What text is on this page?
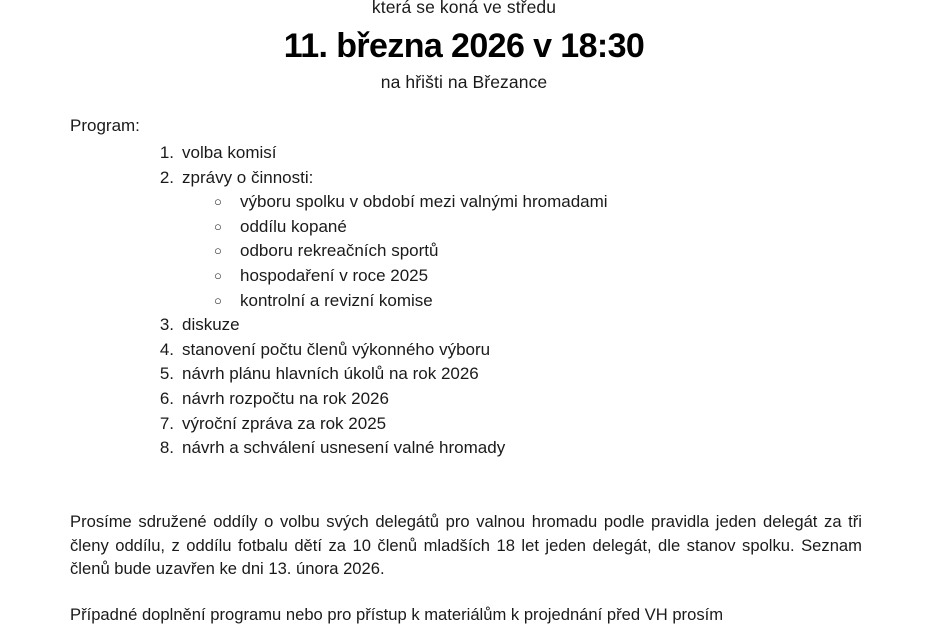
která se koná ve středu
11. března 2026 v 18:30
na hřišti na Březance
Program:
1. volba komisí
2. zprávy o činnosti:
○ výboru spolku v období mezi valnými hromadami
○ oddílu kopané
○ odboru rekreačních sportů
○ hospodaření v roce 2025
○ kontrolní a revizní komise
3. diskuze
4. stanovení počtu členů výkonného výboru
5. návrh plánu hlavních úkolů na rok 2026
6. návrh rozpočtu na rok 2026
7. výroční zpráva za rok 2025
8. návrh a schválení usnesení valné hromady

Prosíme sdružené oddíly o volbu svých delegátů pro valnou hromadu podle pravidla jeden delegát za tři členy oddílu, z oddílu fotbalu dětí za 10 členů mladších 18 let jeden delegát, dle stanov spolku. Seznam členů bude uzavřen ke dni 13. února 2026.

Případné doplnění programu nebo pro přístup k materiálům k projednání před VH prosím
